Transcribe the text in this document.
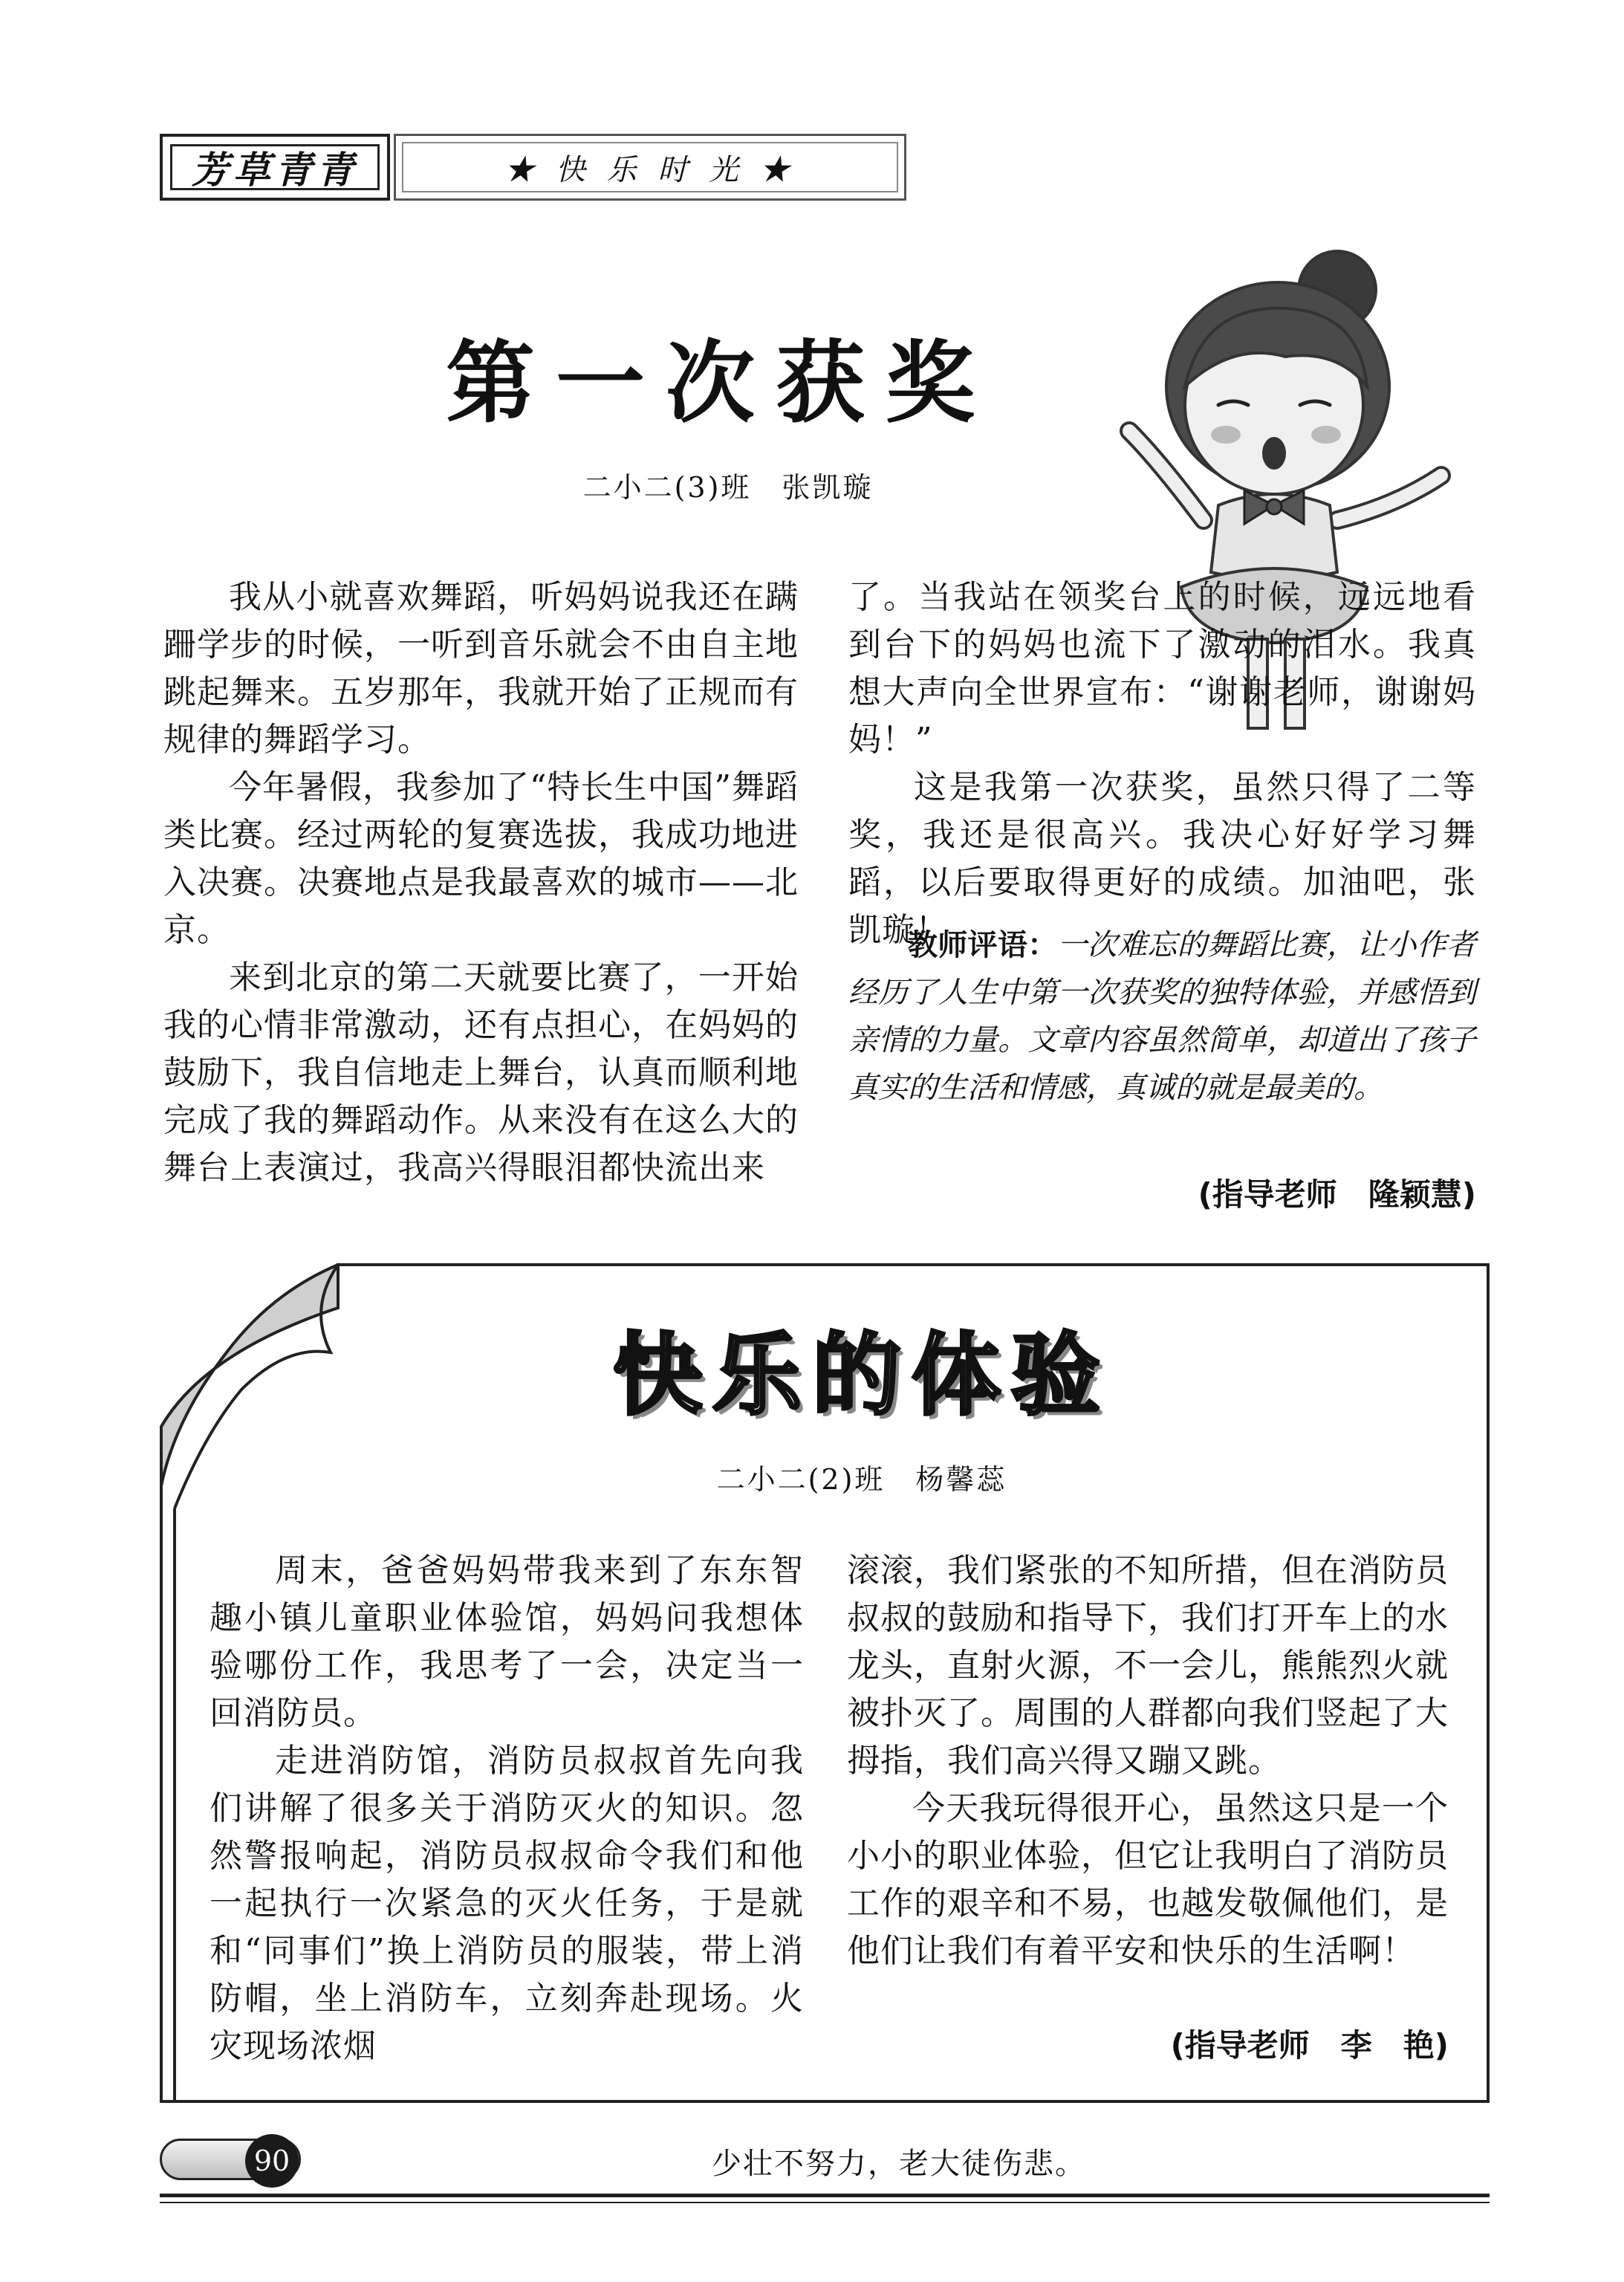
芳草青青	★ 快 乐 时 光 ★
第一次获奖
二小二(3)班　张凯璇

我从小就喜欢舞蹈，听妈妈说我还在蹒跚学步的时候，一听到音乐就会不由自主地跳起舞来。五岁那年，我就开始了正规而有规律的舞蹈学习。

今年暑假，我参加了“特长生中国”舞蹈类比赛。经过两轮的复赛选拔，我成功地进入决赛。决赛地点是我最喜欢的城市——北京。

来到北京的第二天就要比赛了，一开始我的心情非常激动，还有点担心，在妈妈的鼓励下，我自信地走上舞台，认真而顺利地完成了我的舞蹈动作。从来没有在这么大的舞台上表演过，我高兴得眼泪都快流出来

了。当我站在领奖台上的时候，远远地看到台下的妈妈也流下了激动的泪水。我真想大声向全世界宣布：“谢谢老师，谢谢妈妈！”

这是我第一次获奖，虽然只得了二等奖，我还是很高兴。我决心好好学习舞蹈，以后要取得更好的成绩。加油吧，张凯璇！

教师评语：一次难忘的舞蹈比赛，让小作者经历了人生中第一次获奖的独特体验，并感悟到亲情的力量。文章内容虽然简单，却道出了孩子真实的生活和情感，真诚的就是最美的。
(指导老师　隆颖慧)
快乐的体验
二小二(2)班　杨馨蕊

周末，爸爸妈妈带我来到了东东智趣小镇儿童职业体验馆，妈妈问我想体验哪份工作，我思考了一会，决定当一回消防员。

走进消防馆，消防员叔叔首先向我们讲解了很多关于消防灭火的知识。忽然警报响起，消防员叔叔命令我们和他一起执行一次紧急的灭火任务，于是就和“同事们”换上消防员的服装，带上消防帽，坐上消防车，立刻奔赴现场。火灾现场浓烟

滚滚，我们紧张的不知所措，但在消防员叔叔的鼓励和指导下，我们打开车上的水龙头，直射火源，不一会儿，熊熊烈火就被扑灭了。周围的人群都向我们竖起了大拇指，我们高兴得又蹦又跳。

今天我玩得很开心，虽然这只是一个小小的职业体验，但它让我明白了消防员工作的艰辛和不易，也越发敬佩他们，是他们让我们有着平安和快乐的生活啊！

(指导老师　李　艳)
90	少壮不努力，老大徒伤悲。
